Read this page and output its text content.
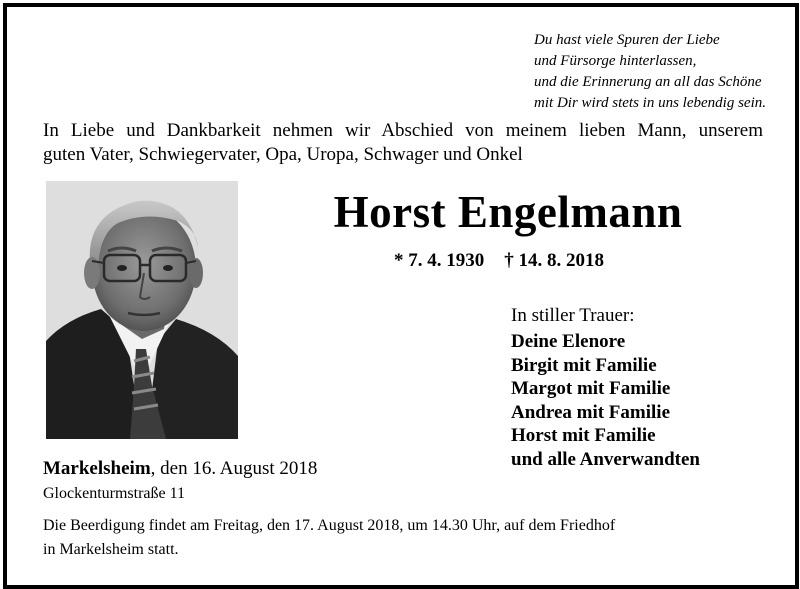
Du hast viele Spuren der Liebe
und Fürsorge hinterlassen,
und die Erinnerung an all das Schöne
mit Dir wird stets in uns lebendig sein.
In Liebe und Dankbarkeit nehmen wir Abschied von meinem lieben Mann, unserem
guten Vater, Schwiegervater, Opa, Uropa, Schwager und Onkel
Horst Engelmann
* 7. 4. 1930 † 14. 8. 2018
In stiller Trauer:
Deine Elenore
Birgit mit Familie
Margot mit Familie
Andrea mit Familie
Horst mit Familie
und alle Anverwandten
Markelsheim, den 16. August 2018
Glockenturmstraße 11
Die Beerdigung findet am Freitag, den 17. August 2018, um 14.30 Uhr, auf dem Friedhof
in Markelsheim statt.
